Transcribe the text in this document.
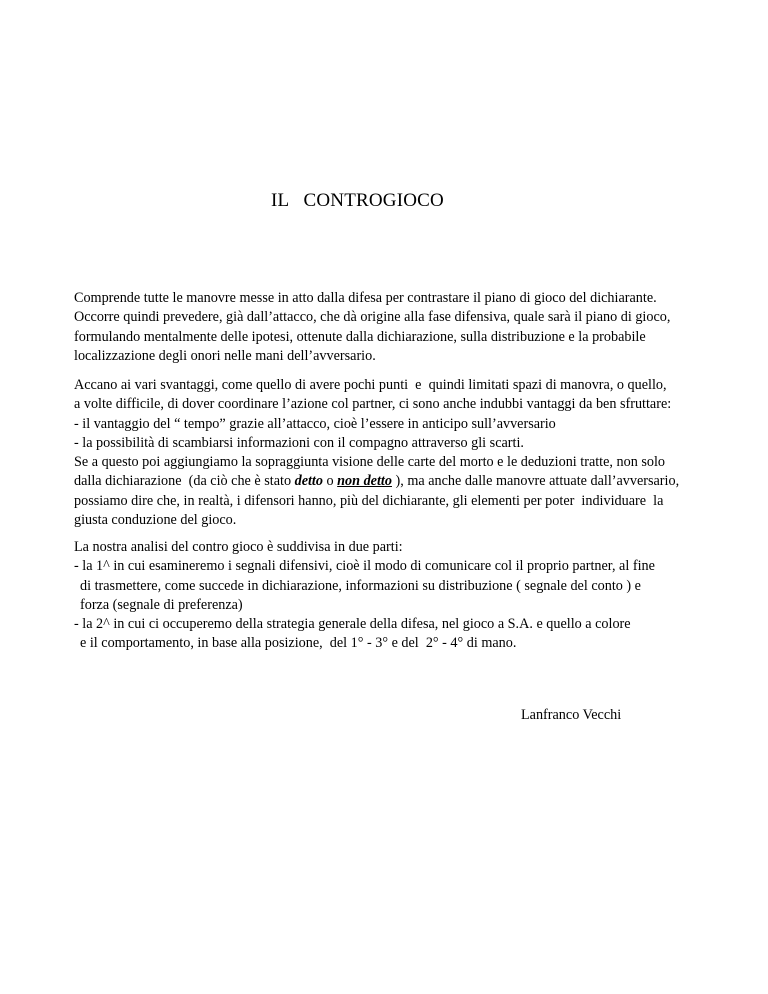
IL   CONTROGIOCO
Comprende tutte le manovre messe in atto dalla difesa per contrastare il piano di gioco del dichiarante.
Occorre quindi prevedere, già dall’attacco, che dà origine alla fase difensiva, quale sarà il piano di gioco,
formulando mentalmente delle ipotesi, ottenute dalla dichiarazione, sulla distribuzione e la probabile
localizzazione degli onori nelle mani dell’avversario.
Accano ai vari svantaggi, come quello di avere pochi punti  e  quindi limitati spazi di manovra, o quello,
a volte difficile, di dover coordinare l’azione col partner, ci sono anche indubbi vantaggi da ben sfruttare:
- il vantaggio del “ tempo” grazie all’attacco, cioè l’essere in anticipo sull’avversario
- la possibilità di scambiarsi informazioni con il compagno attraverso gli scarti.
Se a questo poi aggiungiamo la sopraggiunta visione delle carte del morto e le deduzioni tratte, non solo
dalla dichiarazione  (da ciò che è stato detto o non detto ), ma anche dalle manovre attuate dall’avversario,
possiamo dire che, in realtà, i difensori hanno, più del dichiarante, gli elementi per poter  individuare  la
giusta conduzione del gioco.
La nostra analisi del contro gioco è suddivisa in due parti:
- la 1^ in cui esamineremo i segnali difensivi, cioè il modo di comunicare col il proprio partner, al fine
di trasmettere, come succede in dichiarazione, informazioni su distribuzione ( segnale del conto ) e
forza (segnale di preferenza)
- la 2^ in cui ci occuperemo della strategia generale della difesa, nel gioco a S.A. e quello a colore
e il comportamento, in base alla posizione,  del 1° - 3° e del  2° - 4° di mano.
Lanfranco Vecchi
